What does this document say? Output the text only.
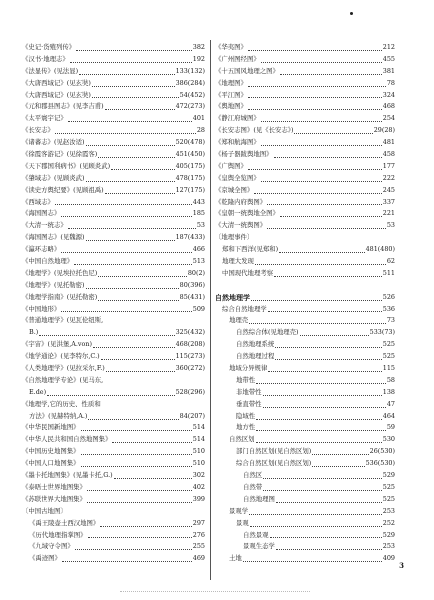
《史记·货殖列传》	382
《汉书·地理志》	192
《法显传》(见法显)	133(132)
《大唐西域记》(见玄奘)	386(284)
《大唐西域记》(见玄奘)	54(452)
《元和郡县图志》(见李吉甫)	472(273)
《太平寰宇记》	401
《长安志》	28
《诸蕃志》(见赵汝适)	520(478)
《徐霞客游记》(见徐霞客)	451(450)
《天下郡国利病书》(见顾炎武)	405(175)
《肇域志》(见顾炎武)	478(175)
《读史方舆纪要》(见顾祖禹)	127(175)
《西域志》	443
《海国图志》	185
《大清一统志》	53
《海国图志》(见魏源)	187(433)
《瀛环志略》	466
《中国自然地理》	513
《地理学》(见埃拉托色尼)	80(2)
《地理学》(见托勒密)	80(396)
《地理学指南》(见托勒密)	85(431)
《中国地形》	509
《普通地理学》(见瓦伦纽斯,
B.)	325(432)
《宇宙》(见洪堡,A.von)	468(208)
《地学通论》(见李特尔,C.)	115(273)
《人类地理学》(见拉采尔,F.)	360(272)
《自然地理学专论》(见马东,
E.de)	528(296)
《地理学,它的历史、性质和
方法》(见赫特纳,A.)	84(207)
《中华民国新地图》	514
《中华人民共和国自然地图集》	514
《中国历史地图集》	510
《中国人口地图集》	510
《墨卡托地图集》(见墨卡托,G.)	302
《泰晤士世界地图集》	402
《苏联世界大地图集》	399
〔中国古地图〕
《禹王陵壶土西汉地图》	297
《历代地理指掌图》	276
《九域守令图》	255
《禹迹图》	469
《华夷图》	212
《广州图经图》	455
《十五国风地理之图》	381
《地理图》	78
《平江图》	324
《舆地图》	468
《静江府城图》	254
《长安志图》(见《长安志》)	29(28)
《郑和航海图》	481
《杨子器跋舆地图》	458
《广舆图》	177
《皇舆全览图》	222
《京城全图》	245
《乾隆内府舆图》	337
《皇朝一统舆地全图》	221
《大清一统舆图》	53
〔地理事件〕
郑和下西洋(见郑和)	481(480)
地理大发现	62
中国现代地理考察	511
自然地理学	526
综合自然地理学	536
地理壳	73
自然综合体(见地理壳)	533(73)
自然地理系统	525
自然地理过程	525
地域分异规律	115
地带性	58
非地带性	138
垂直带性	47
隐域性	464
地方性	59
自然区划	530
部门自然区划(见自然区划)	26(530)
综合自然区划(见自然区划)	536(530)
自然区	529
自然带	525
自然地理图	525
景观学	253
景观	252
自然景观	529
景观生态学	253
土地	409
3
